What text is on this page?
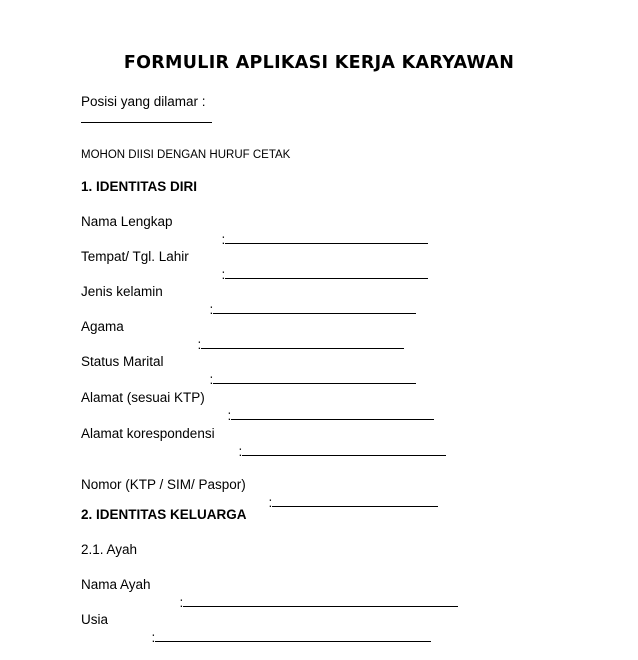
FORMULIR APLIKASI KERJA KARYAWAN
Posisi yang dilamar :
MOHON DIISI DENGAN HURUF CETAK
1. IDENTITAS DIRI
Nama Lengkap

:

Tempat/ Tgl. Lahir

:

Jenis kelamin

:

Agama

:

Status Marital

:

Alamat (sesuai KTP)

:

Alamat korespondensi

:

Nomor (KTP / SIM/ Paspor)

:

2. IDENTITAS KELUARGA
2.1. Ayah
Nama Ayah

:

Usia

:
